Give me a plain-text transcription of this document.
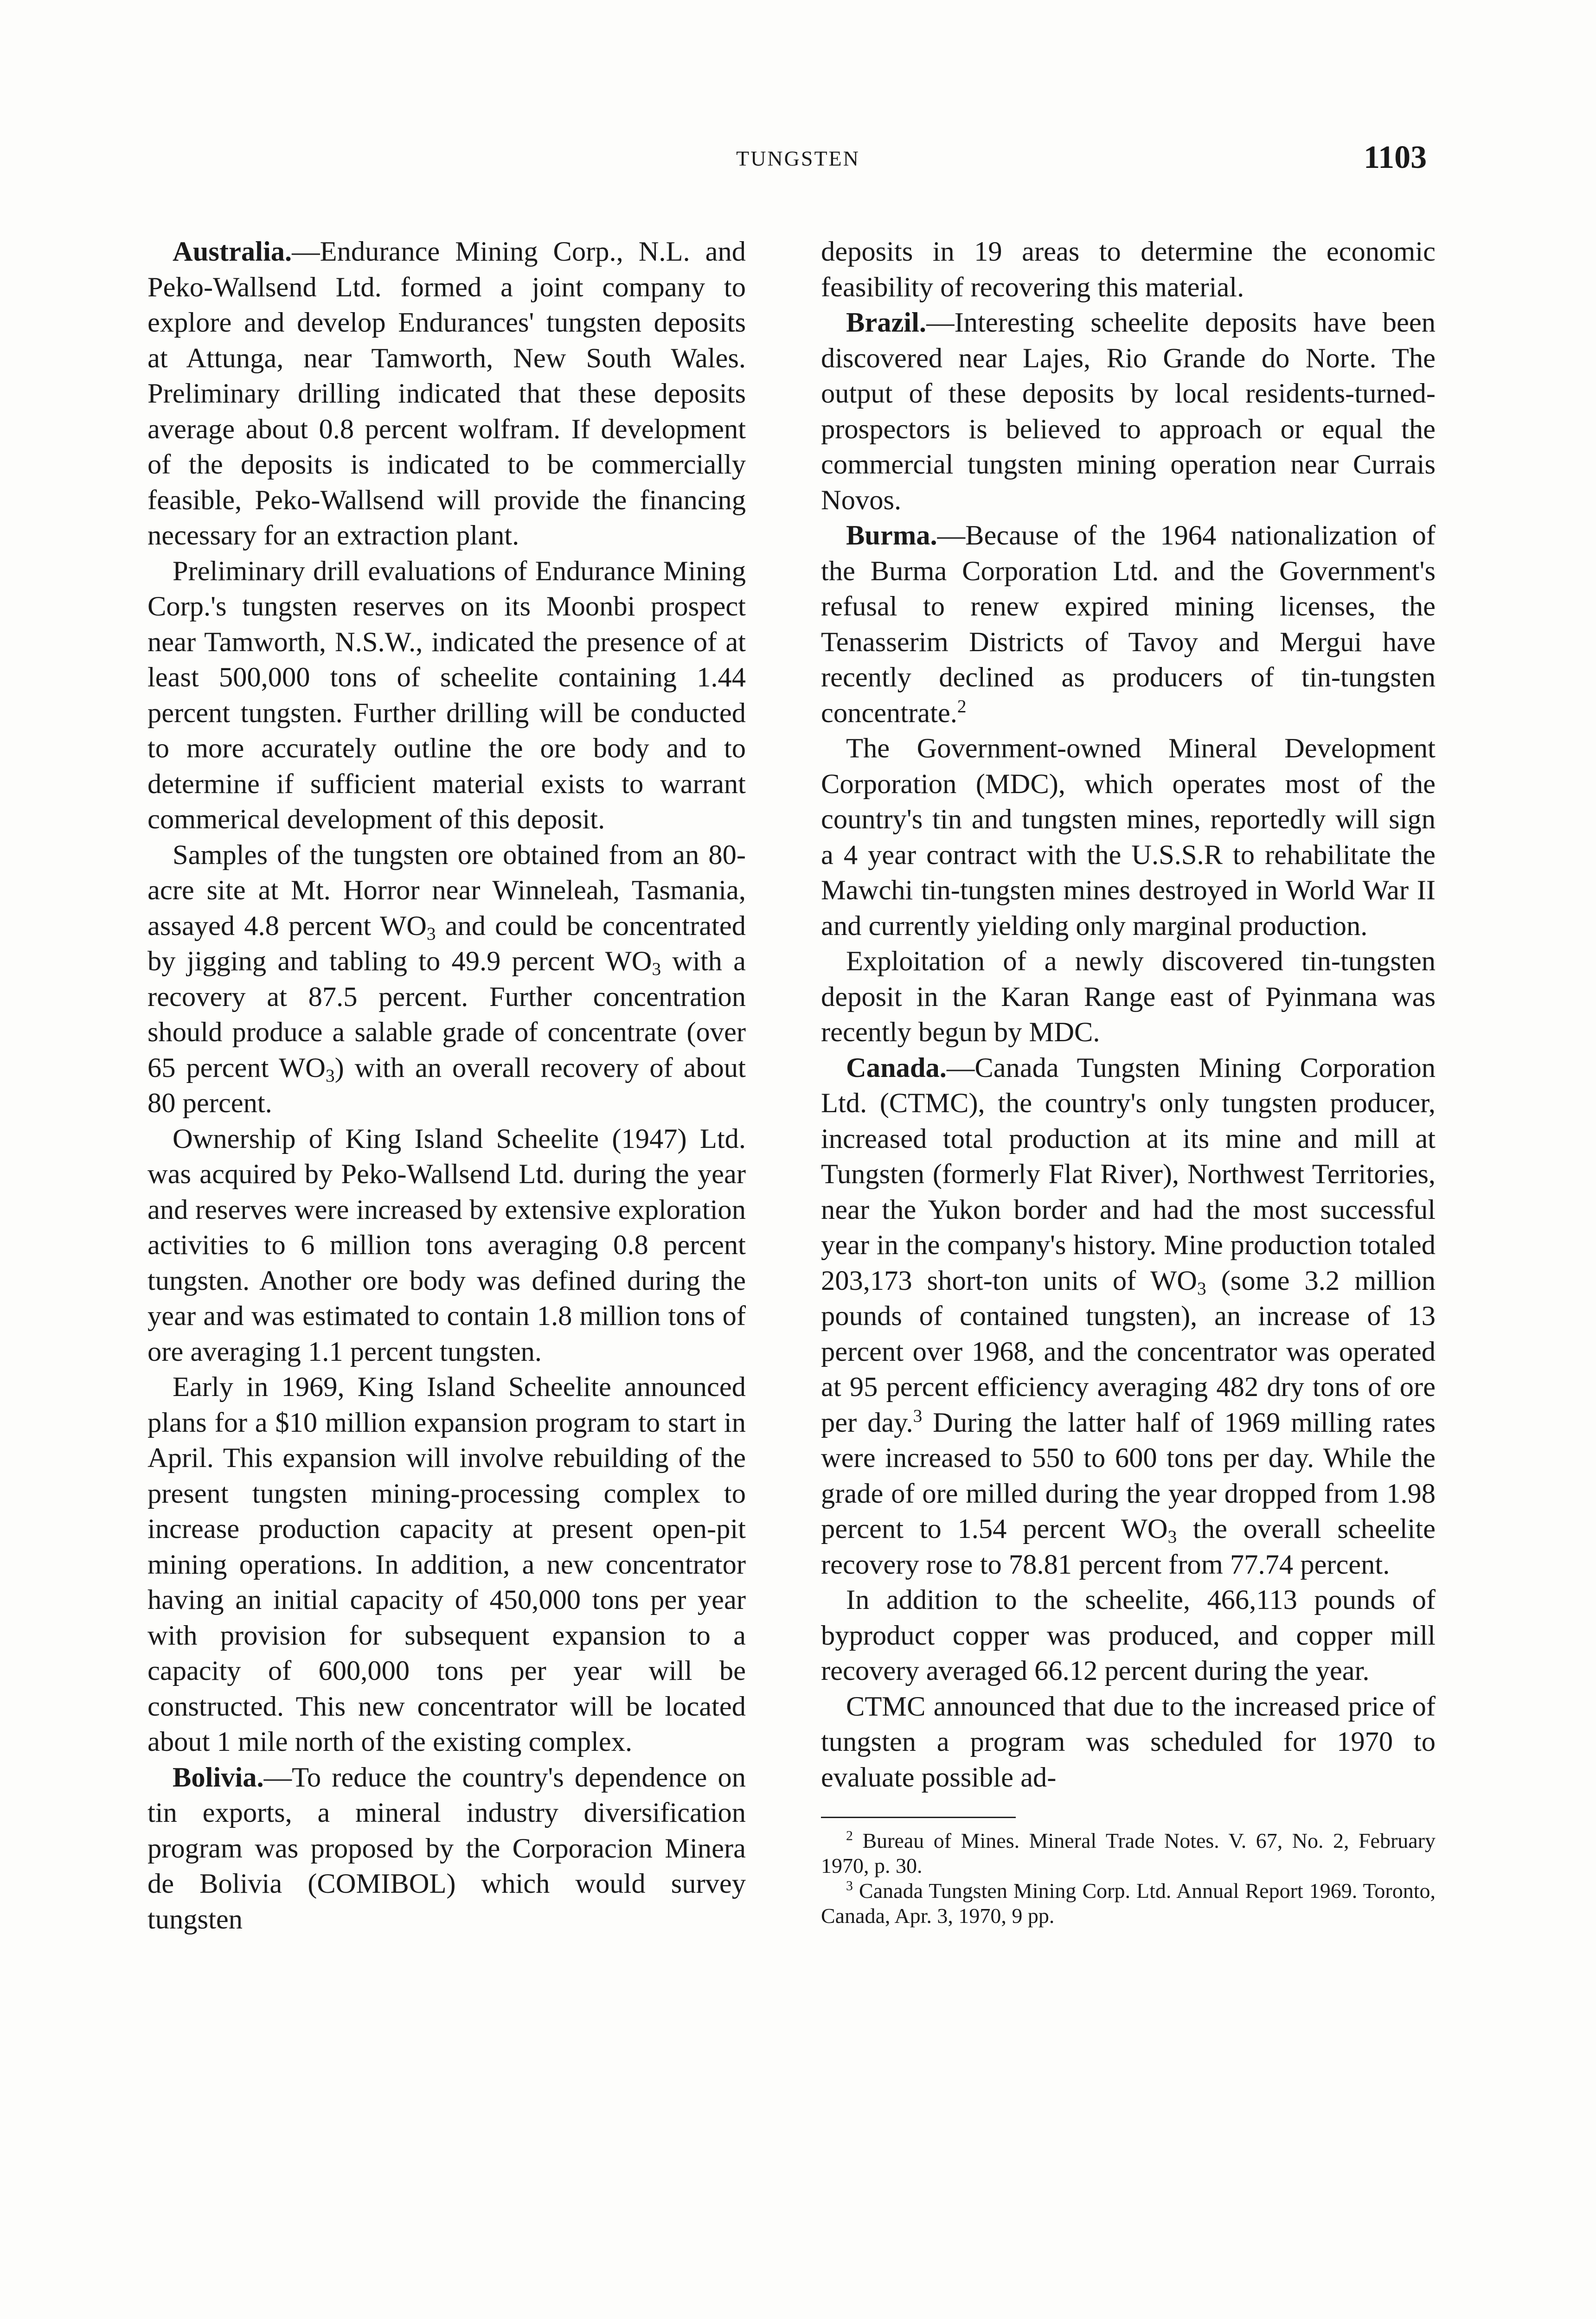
TUNGSTEN	1103

Australia.—Endurance Mining Corp., N.L. and Peko-Wallsend Ltd. formed a joint company to explore and develop Endurances' tungsten deposits at Attunga, near Tamworth, New South Wales. Preliminary drilling indicated that these deposits average about 0.8 percent wolfram. If development of the deposits is indicated to be commercially feasible, Peko-Wallsend will provide the financing necessary for an extraction plant.

Preliminary drill evaluations of Endurance Mining Corp.'s tungsten reserves on its Moonbi prospect near Tamworth, N.S.W., indicated the presence of at least 500,000 tons of scheelite containing 1.44 percent tungsten. Further drilling will be conducted to more accurately outline the ore body and to determine if sufficient material exists to warrant commerical development of this deposit.

Samples of the tungsten ore obtained from an 80-acre site at Mt. Horror near Winneleah, Tasmania, assayed 4.8 percent $WO_3$ and could be concentrated by jigging and tabling to 49.9 percent $WO_3$ with a recovery at 87.5 percent. Further concentration should produce a salable grade of concentrate (over 65 percent $WO_3$) with an overall recovery of about 80 percent.

Ownership of King Island Scheelite (1947) Ltd. was acquired by Peko-Wallsend Ltd. during the year and reserves were increased by extensive exploration activities to 6 million tons averaging 0.8 percent tungsten. Another ore body was defined during the year and was estimated to contain 1.8 million tons of ore averaging 1.1 percent tungsten.

Early in 1969, King Island Scheelite announced plans for a $10 million expansion program to start in April. This expansion will involve rebuilding of the present tungsten mining-processing complex to increase production capacity at present open-pit mining operations. In addition, a new concentrator having an initial capacity of 450,000 tons per year with provision for subsequent expansion to a capacity of 600,000 tons per year will be constructed. This new concentrator will be located about 1 mile north of the existing complex.

Bolivia.—To reduce the country's dependence on tin exports, a mineral industry diversification program was proposed by the Corporacion Minera de Bolivia (COMIBOL) which would survey tungsten

deposits in 19 areas to determine the economic feasibility of recovering this material.

Brazil.—Interesting scheelite deposits have been discovered near Lajes, Rio Grande do Norte. The output of these deposits by local residents-turned-prospectors is believed to approach or equal the commercial tungsten mining operation near Currais Novos.

Burma.—Because of the 1964 nationalization of the Burma Corporation Ltd. and the Government's refusal to renew expired mining licenses, the Tenasserim Districts of Tavoy and Mergui have recently declined as producers of tin-tungsten concentrate.$^2$

The Government-owned Mineral Development Corporation (MDC), which operates most of the country's tin and tungsten mines, reportedly will sign a 4 year contract with the U.S.S.R to rehabilitate the Mawchi tin-tungsten mines destroyed in World War II and currently yielding only marginal production.

Exploitation of a newly discovered tin-tungsten deposit in the Karan Range east of Pyinmana was recently begun by MDC.

Canada.—Canada Tungsten Mining Corporation Ltd. (CTMC), the country's only tungsten producer, increased total production at its mine and mill at Tungsten (formerly Flat River), Northwest Territories, near the Yukon border and had the most successful year in the company's history. Mine production totaled 203,173 short-ton units of $WO_3$ (some 3.2 million pounds of contained tungsten), an increase of 13 percent over 1968, and the concentrator was operated at 95 percent efficiency averaging 482 dry tons of ore per day.$^3$ During the latter half of 1969 milling rates were increased to 550 to 600 tons per day. While the grade of ore milled during the year dropped from 1.98 percent to 1.54 percent $WO_3$ the overall scheelite recovery rose to 78.81 percent from 77.74 percent.

In addition to the scheelite, 466,113 pounds of byproduct copper was produced, and copper mill recovery averaged 66.12 percent during the year.

CTMC announced that due to the increased price of tungsten a program was scheduled for 1970 to evaluate possible ad-

$^2$ Bureau of Mines. Mineral Trade Notes. V. 67, No. 2, February 1970, p. 30.

$^3$ Canada Tungsten Mining Corp. Ltd. Annual Report 1969. Toronto, Canada, Apr. 3, 1970, 9 pp.
